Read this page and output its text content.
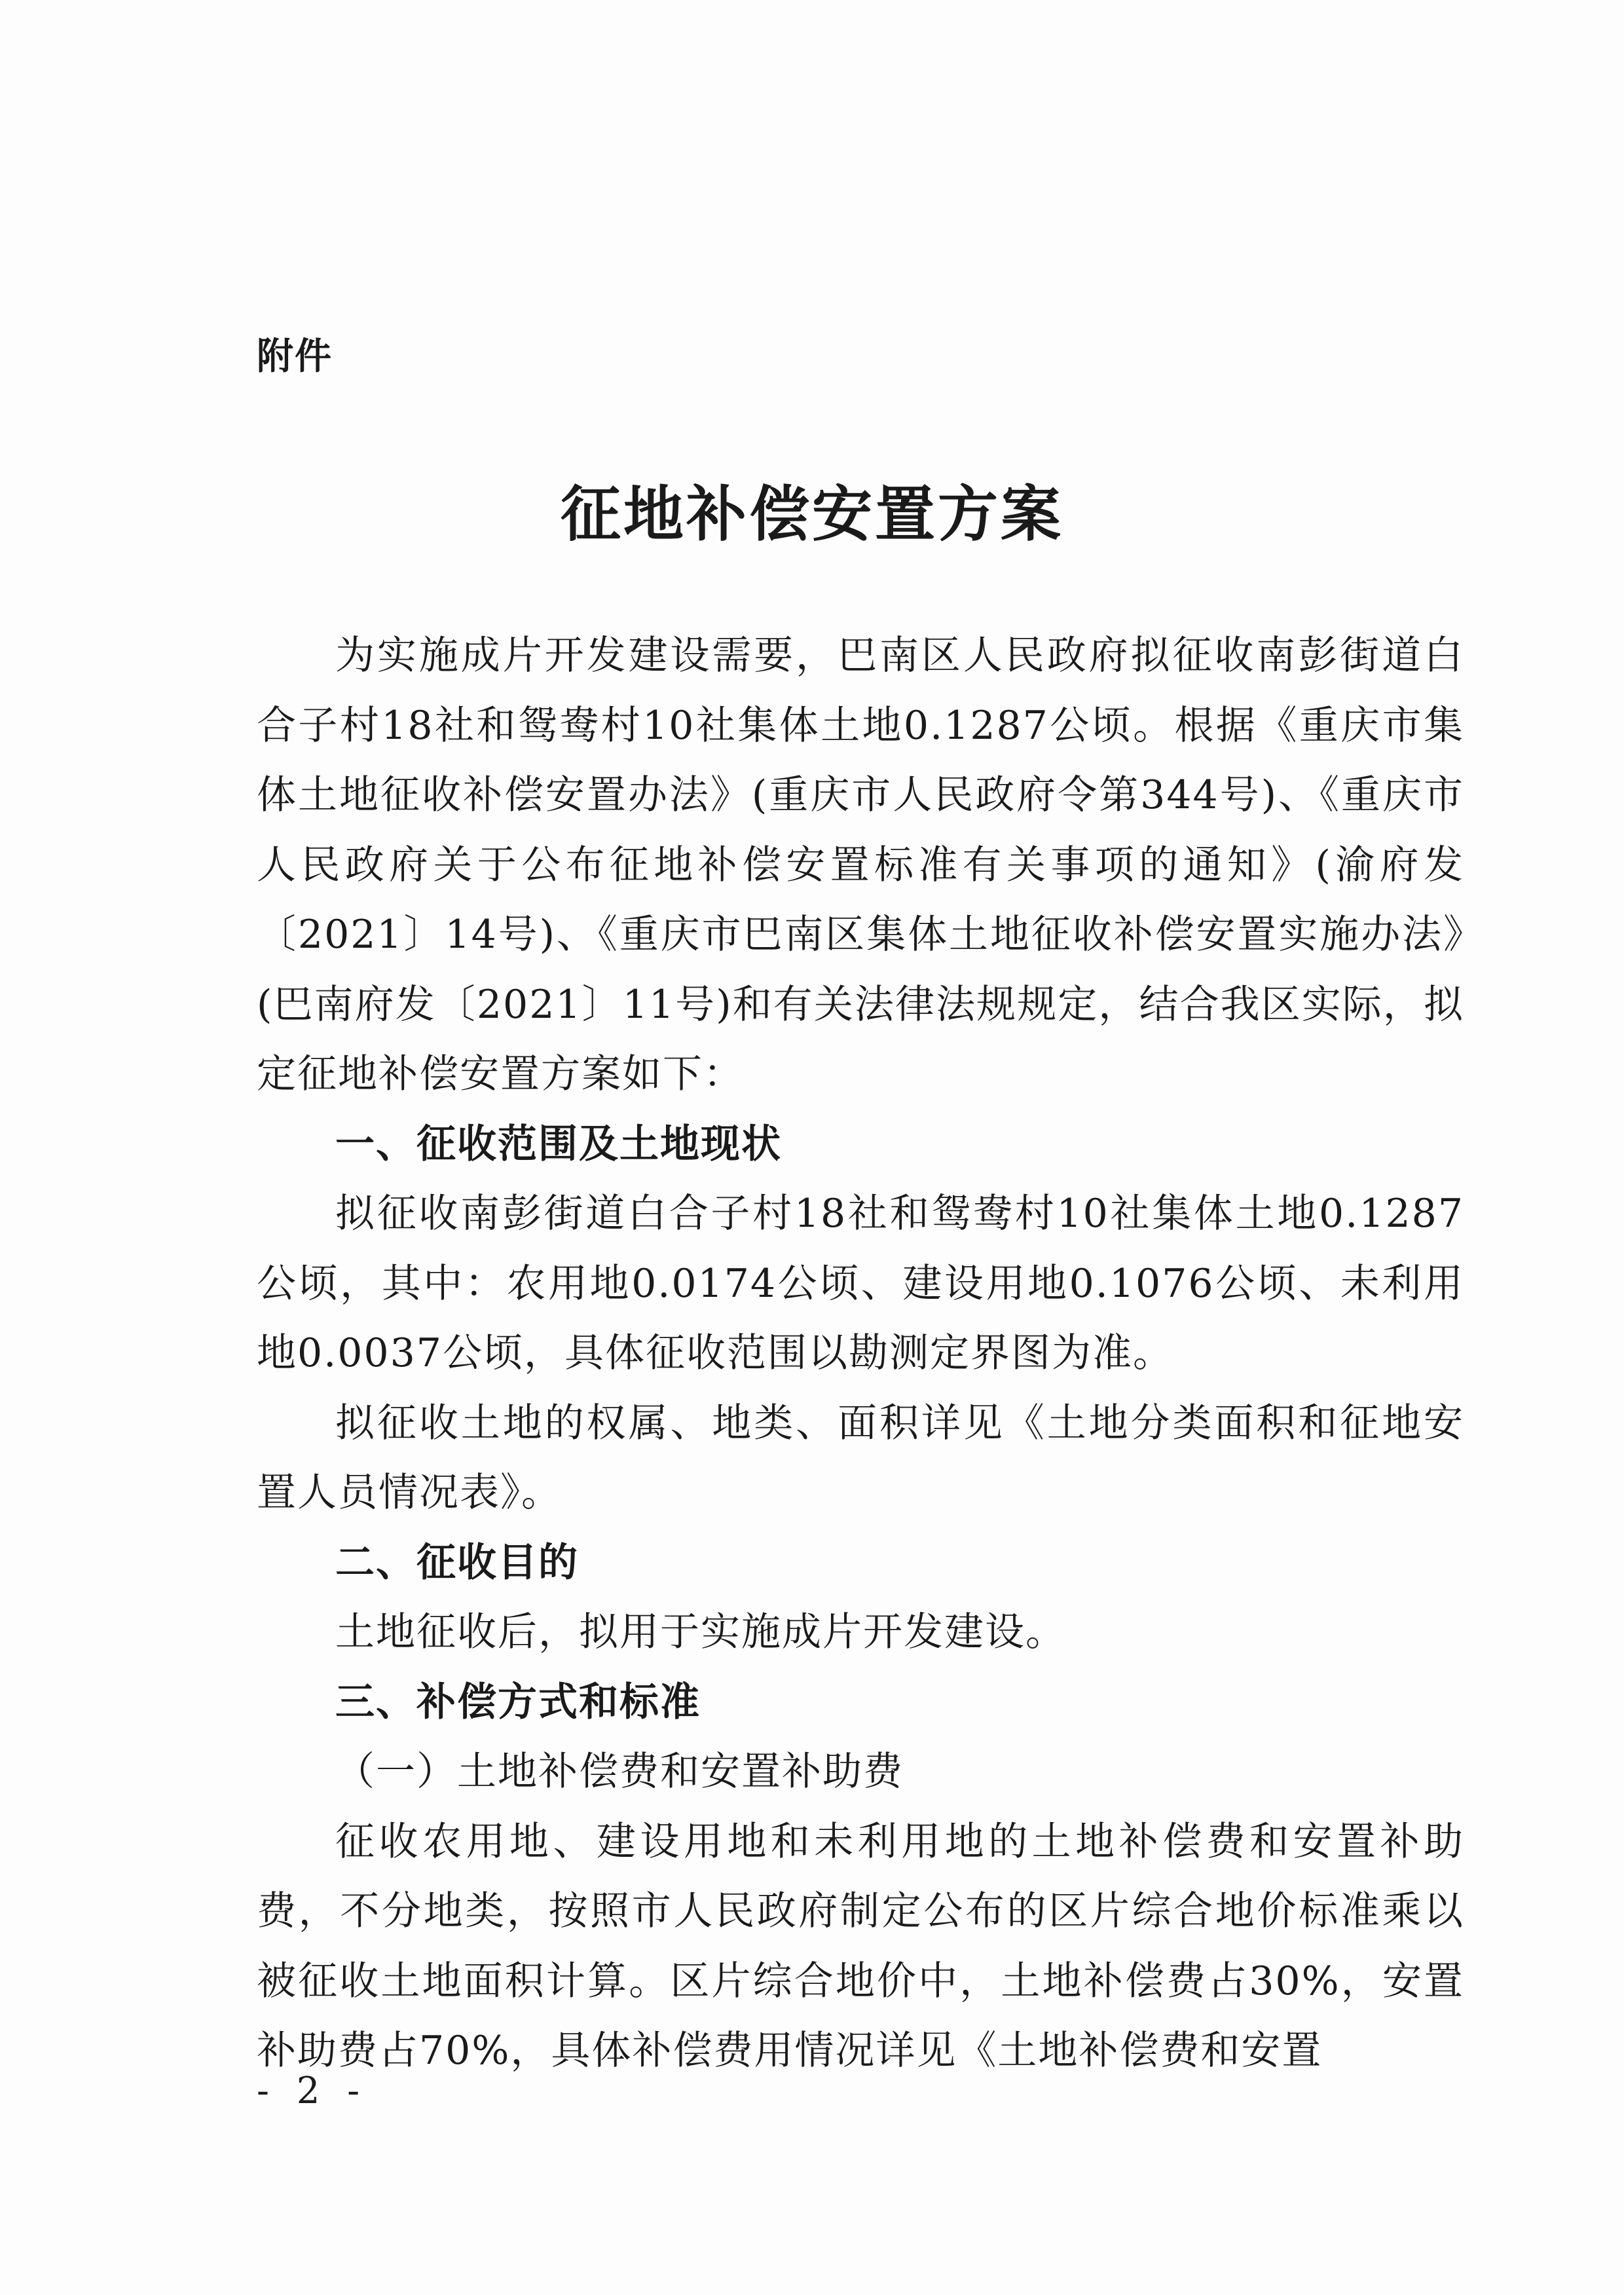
附件
征地补偿安置方案

为实施成片开发建设需要，巴南区人民政府拟征收南彭街道白合子村18社和鸳鸯村10社集体土地0.1287公顷。根据《重庆市集体土地征收补偿安置办法》(重庆市人民政府令第344号)、《重庆市人民政府关于公布征地补偿安置标准有关事项的通知》(渝府发〔2021〕14号)、《重庆市巴南区集体土地征收补偿安置实施办法》(巴南府发〔2021〕11号)和有关法律法规规定，结合我区实际，拟定征地补偿安置方案如下：

一、征收范围及土地现状

拟征收南彭街道白合子村18社和鸳鸯村10社集体土地0.1287公顷，其中：农用地0.0174公顷、建设用地0.1076公顷、未利用地0.0037公顷，具体征收范围以勘测定界图为准。

拟征收土地的权属、地类、面积详见《土地分类面积和征地安置人员情况表》。

二、征收目的

土地征收后，拟用于实施成片开发建设。

三、补偿方式和标准

（一）土地补偿费和安置补助费

征收农用地、建设用地和未利用地的土地补偿费和安置补助费，不分地类，按照市人民政府制定公布的区片综合地价标准乘以被征收土地面积计算。区片综合地价中，土地补偿费占30%，安置补助费占70%，具体补偿费用情况详见《土地补偿费和安置

- 2 -
